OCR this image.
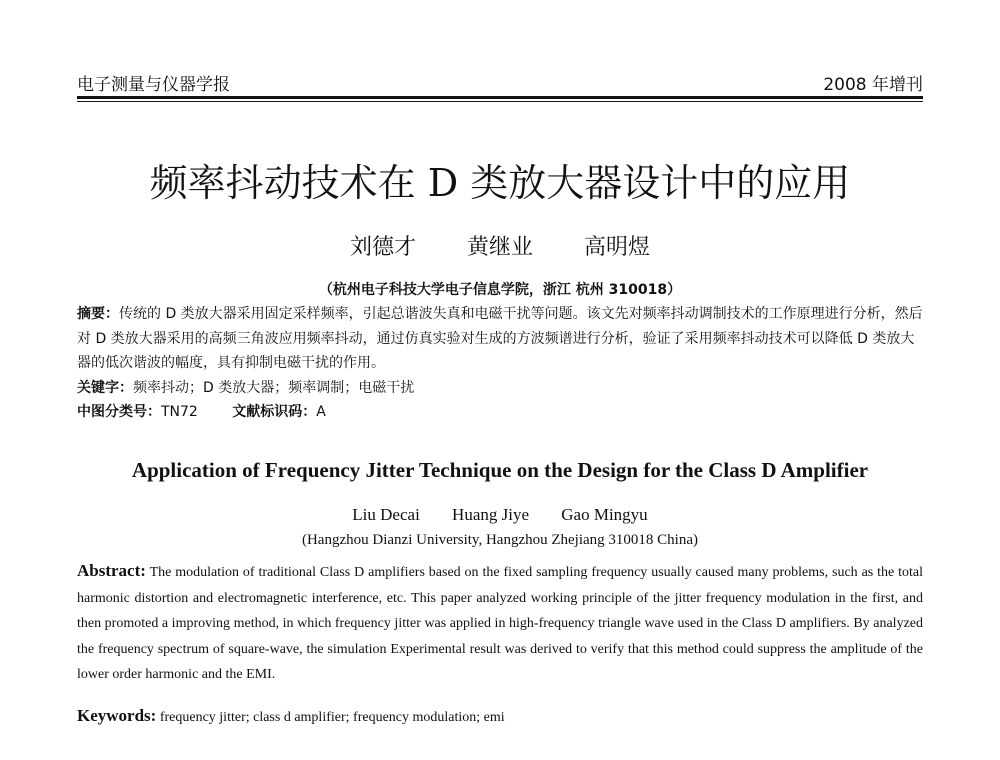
电子测量与仪器学报	2008 年增刊
频率抖动技术在 D 类放大器设计中的应用
刘德才 黄继业 高明煜
（杭州电子科技大学电子信息学院，浙江 杭州 310018）
摘要：传统的 D 类放大器采用固定采样频率，引起总谐波失真和电磁干扰等问题。该文先对频率抖动调制技术的工作原理进行分析，然后对 D 类放大器采用的高频三角波应用频率抖动，通过仿真实验对生成的方波频谱进行分析，验证了采用频率抖动技术可以降低 D 类放大器的低次谐波的幅度，具有抑制电磁干扰的作用。
关键字：频率抖动；D 类放大器；频率调制；电磁干扰
中图分类号：TN72 文献标识码：A
Application of Frequency Jitter Technique on the Design for the Class D Amplifier
Liu Decai Huang Jiye Gao Mingyu
(Hangzhou Dianzi University, Hangzhou Zhejiang 310018 China)
Abstract: The modulation of traditional Class D amplifiers based on the fixed sampling frequency usually caused many problems, such as the total harmonic distortion and electromagnetic interference, etc. This paper analyzed working principle of the jitter frequency modulation in the first, and then promoted a improving method, in which frequency jitter was applied in high-frequency triangle wave used in the Class D amplifiers. By analyzed the frequency spectrum of square-wave, the simulation Experimental result was derived to verify that this method could suppress the amplitude of the lower order harmonic and the EMI.
Keywords: frequency jitter; class d amplifier; frequency modulation; emi
